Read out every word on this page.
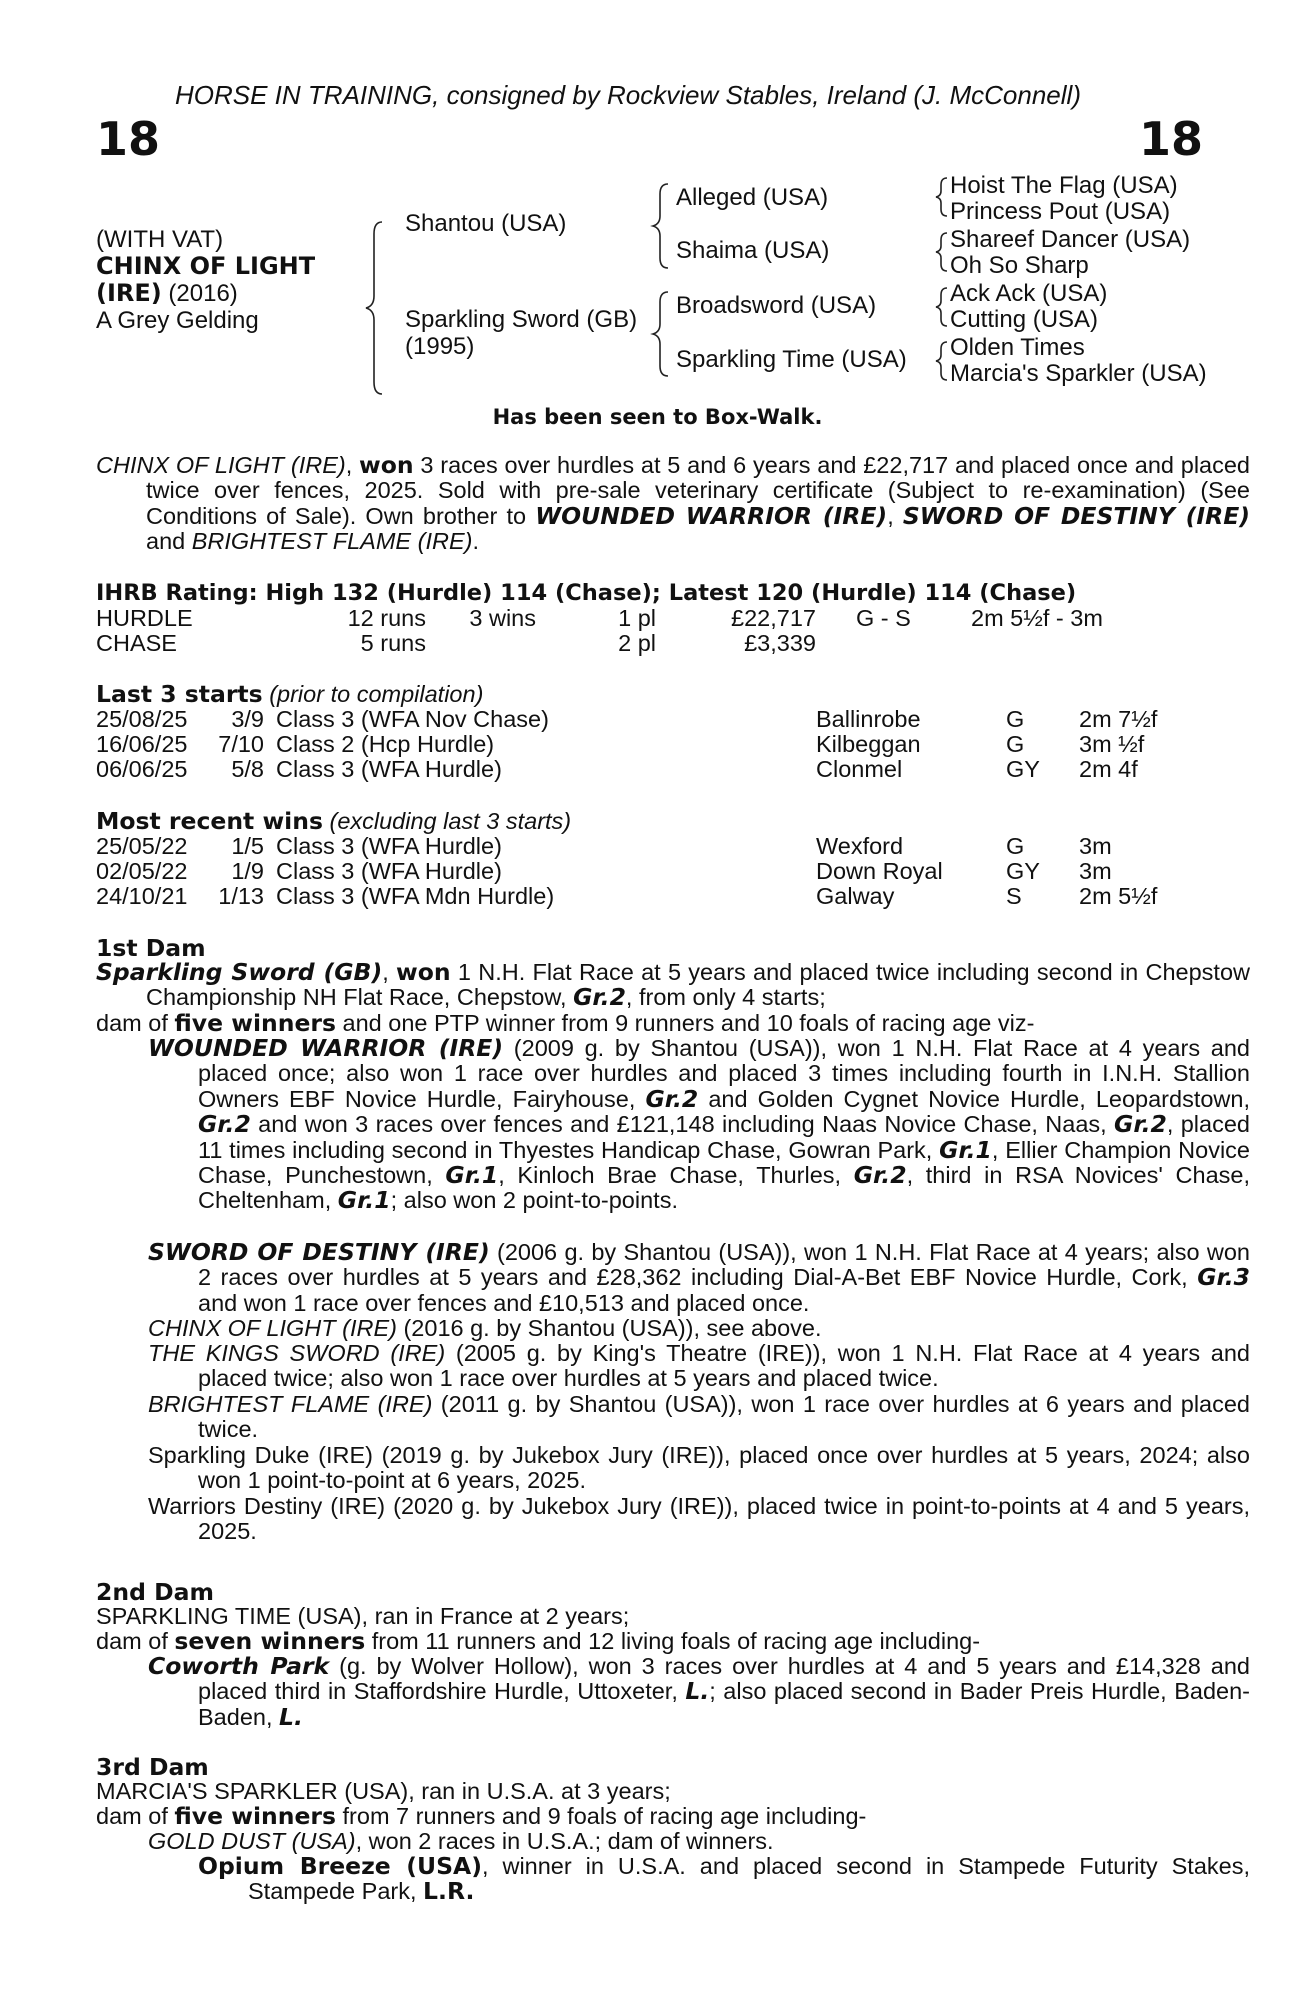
HORSE IN TRAINING, consigned by Rockview Stables, Ireland (J. McConnell)
18	18
(WITH VAT)
CHINX OF LIGHT
(IRE) (2016)
A Grey Gelding
Shantou (USA)
Sparkling Sword (GB)
(1995)
Alleged (USA)
Shaima (USA)
Broadsword (USA)
Sparkling Time (USA)
Hoist The Flag (USA)
Princess Pout (USA)
Shareef Dancer (USA)
Oh So Sharp
Ack Ack (USA)
Cutting (USA)
Olden Times
Marcia's Sparkler (USA)
Has been seen to Box-Walk.
CHINX OF LIGHT (IRE), won 3 races over hurdles at 5 and 6 years and £22,717 and placed once and placed twice over fences, 2025. Sold with pre-sale veterinary certificate (Subject to re-examination) (See Conditions of Sale). Own brother to WOUNDED WARRIOR (IRE), SWORD OF DESTINY (IRE) and BRIGHTEST FLAME (IRE).
IHRB Rating: High 132 (Hurdle) 114 (Chase); Latest 120 (Hurdle) 114 (Chase)
HURDLE	12 runs 3 wins	1 pl	£22,717 G - S	2m 5½f - 3m
CHASE	5 runs	2 pl	£3,339
Last 3 starts (prior to compilation)
25/08/25 3/9 Class 3 (WFA Nov Chase)	Ballinrobe	G 2m 7½f
16/06/25 7/10 Class 2 (Hcp Hurdle)	Kilbeggan	G 3m ½f
06/06/25 5/8 Class 3 (WFA Hurdle)	Clonmel	GY 2m 4f
Most recent wins (excluding last 3 starts)
25/05/22 1/5 Class 3 (WFA Hurdle)	Wexford	G 3m
02/05/22 1/9 Class 3 (WFA Hurdle)	Down Royal	GY 3m
24/10/21 1/13 Class 3 (WFA Mdn Hurdle)	Galway	S 2m 5½f
1st Dam
Sparkling Sword (GB), won 1 N.H. Flat Race at 5 years and placed twice including second in Chepstow Championship NH Flat Race, Chepstow, Gr.2, from only 4 starts;
dam of five winners and one PTP winner from 9 runners and 10 foals of racing age viz-
WOUNDED WARRIOR (IRE) (2009 g. by Shantou (USA)), won 1 N.H. Flat Race at 4 years and placed once; also won 1 race over hurdles and placed 3 times including fourth in I.N.H. Stallion Owners EBF Novice Hurdle, Fairyhouse, Gr.2 and Golden Cygnet Novice Hurdle, Leopardstown, Gr.2 and won 3 races over fences and £121,148 including Naas Novice Chase, Naas, Gr.2, placed 11 times including second in Thyestes Handicap Chase, Gowran Park, Gr.1, Ellier Champion Novice Chase, Punchestown, Gr.1, Kinloch Brae Chase, Thurles, Gr.2, third in RSA Novices' Chase, Cheltenham, Gr.1; also won 2 point-to-points.
SWORD OF DESTINY (IRE) (2006 g. by Shantou (USA)), won 1 N.H. Flat Race at 4 years; also won 2 races over hurdles at 5 years and £28,362 including Dial-A-Bet EBF Novice Hurdle, Cork, Gr.3 and won 1 race over fences and £10,513 and placed once.
CHINX OF LIGHT (IRE) (2016 g. by Shantou (USA)), see above.
THE KINGS SWORD (IRE) (2005 g. by King's Theatre (IRE)), won 1 N.H. Flat Race at 4 years and placed twice; also won 1 race over hurdles at 5 years and placed twice.
BRIGHTEST FLAME (IRE) (2011 g. by Shantou (USA)), won 1 race over hurdles at 6 years and placed twice.
Sparkling Duke (IRE) (2019 g. by Jukebox Jury (IRE)), placed once over hurdles at 5 years, 2024; also won 1 point-to-point at 6 years, 2025.
Warriors Destiny (IRE) (2020 g. by Jukebox Jury (IRE)), placed twice in point-to-points at 4 and 5 years, 2025.
2nd Dam
SPARKLING TIME (USA), ran in France at 2 years;
dam of seven winners from 11 runners and 12 living foals of racing age including-
Coworth Park (g. by Wolver Hollow), won 3 races over hurdles at 4 and 5 years and £14,328 and placed third in Staffordshire Hurdle, Uttoxeter, L.; also placed second in Bader Preis Hurdle, Baden-Baden, L.
3rd Dam
MARCIA'S SPARKLER (USA), ran in U.S.A. at 3 years;
dam of five winners from 7 runners and 9 foals of racing age including-
GOLD DUST (USA), won 2 races in U.S.A.; dam of winners.
Opium Breeze (USA), winner in U.S.A. and placed second in Stampede Futurity Stakes, Stampede Park, L.R.
